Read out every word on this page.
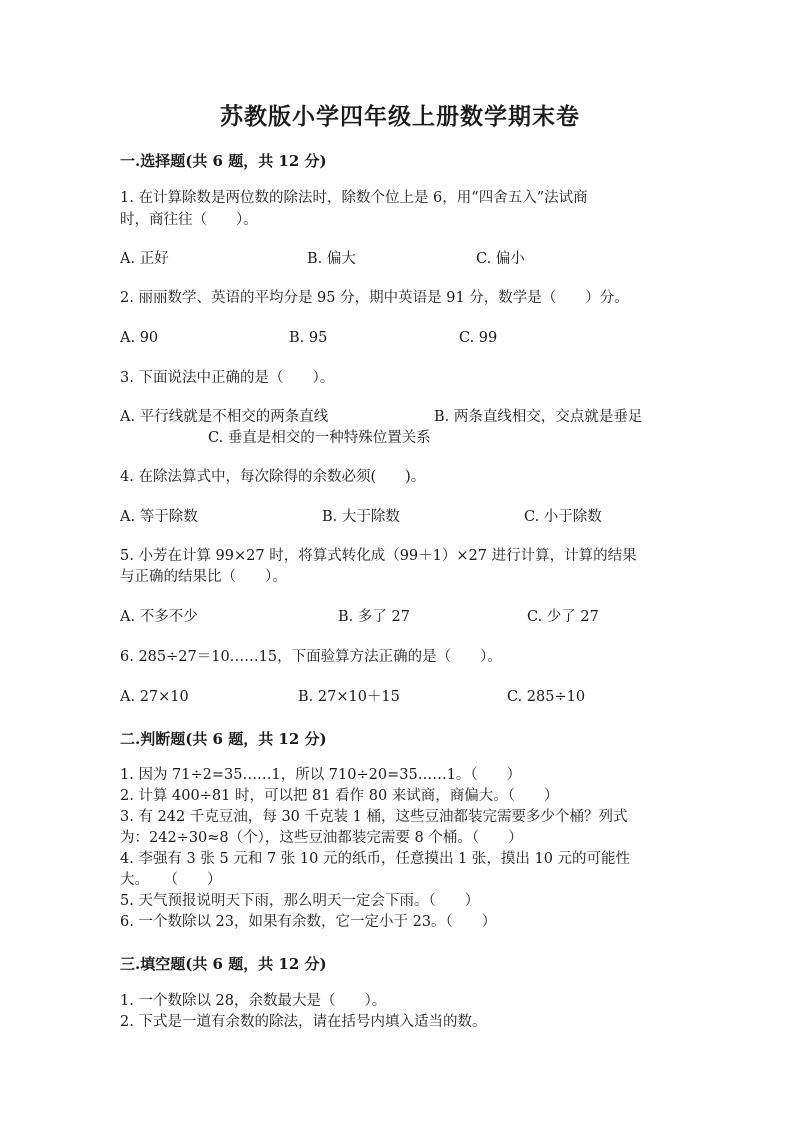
苏教版小学四年级上册数学期末卷
一.选择题(共 6 题，共 12 分)
1. 在计算除数是两位数的除法时，除数个位上是 6，用“四舍五入”法试商
时，商往往（　　）。
A. 正好	B. 偏大	C. 偏小
2. 丽丽数学、英语的平均分是 95 分，期中英语是 91 分，数学是（　　）分。
A. 90	B. 95	C. 99
3. 下面说法中正确的是（　　）。
A. 平行线就是不相交的两条直线	B. 两条直线相交，交点就是垂足
C. 垂直是相交的一种特殊位置关系
4. 在除法算式中，每次除得的余数必须(　　)。
A. 等于除数	B. 大于除数	C. 小于除数
5. 小芳在计算 99×27 时，将算式转化成（99＋1）×27 进行计算，计算的结果
与正确的结果比（　　）。
A. 不多不少	B. 多了 27	C. 少了 27
6. 285÷27＝10……15，下面验算方法正确的是（　　）。
A. 27×10	B. 27×10＋15	C. 285÷10
二.判断题(共 6 题，共 12 分)
1. 因为 71÷2=35……1，所以 710÷20=35……1。（　　）
2. 计算 400÷81 时，可以把 81 看作 80 来试商，商偏大。（　　）
3. 有 242 千克豆油，每 30 千克装 1 桶，这些豆油都装完需要多少个桶？列式
为：242÷30≈8（个），这些豆油都装完需要 8 个桶。（　　）
4. 李强有 3 张 5 元和 7 张 10 元的纸币，任意摸出 1 张，摸出 10 元的可能性
大。　　（　　）
5. 天气预报说明天下雨，那么明天一定会下雨。（　　）
6. 一个数除以 23，如果有余数，它一定小于 23。（　　）
三.填空题(共 6 题，共 12 分)
1. 一个数除以 28，余数最大是（　　）。
2. 下式是一道有余数的除法，请在括号内填入适当的数。
